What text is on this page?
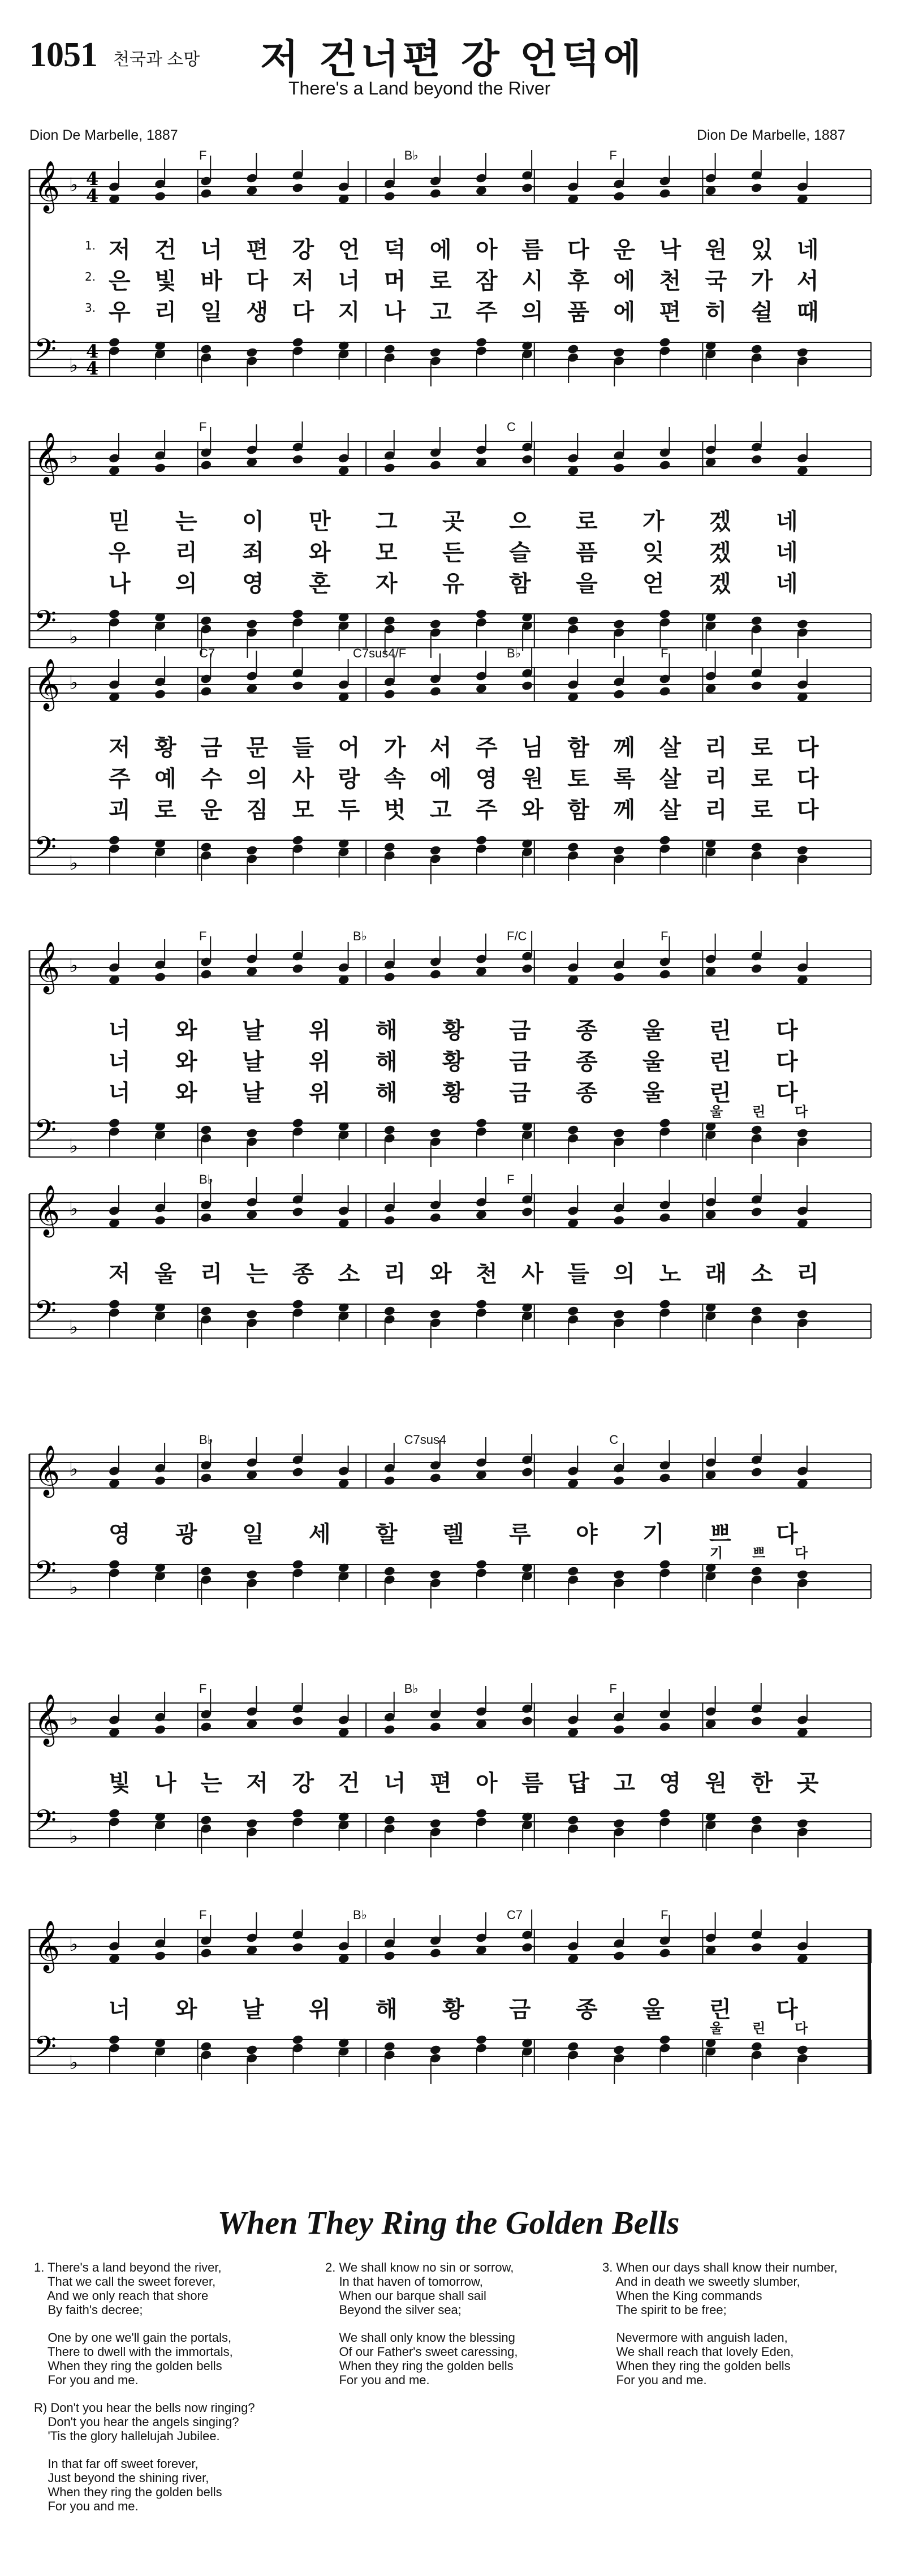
1051 천국과 소망 저 건너편 강 언덕에
There's a Land beyond the River
Dion De Marbelle, 1887	Dion De Marbelle, 1887
𝄞
𝄢
♭
♭
4
4
4
4
F	B♭	F
1. 저 건 너 편 강 언 덕 에 아 름 다 운 낙 원 있 네
2. 은 빛 바 다 저 너 머 로 잠 시 후 에 천 국 가 서
3. 우 리 일 생 다 지 나 고 주 의 품 에 편 히 쉴 때
𝄞
𝄢
♭
♭
F	C
믿 는 이 만 그 곳 으 로 가 겠 네
우 리 죄 와 모 든 슬 픔 잊 겠 네
나 의 영 혼 자 유 함 을 얻 겠 네
𝄞
𝄢
♭
♭
C7	C7sus4/F	B♭	F
저 황 금 문 들 어 가 서 주 님 함 께 살 리 로 다
주 예 수 의 사 랑 속 에 영 원 토 록 살 리 로 다
괴 로 운 짐 모 두 벗 고 주 와 함 께 살 리 로 다
𝄞
𝄢
♭
♭
F	B♭	F/C	F
너 와 날 위 해 황 금 종 울 린 다
너 와 날 위 해 황 금 종 울 린 다
너 와 날 위 해 황 금 종 울 린 다
울 린 다
𝄞
𝄢
♭
♭
B♭	F
저 울 리 는 종 소 리 와 천 사 들 의 노 래 소 리
𝄞
𝄢
♭
♭
B♭	C7sus4	C
영 광 일 세 할 렐 루 야 기 쁘 다
기 쁘 다
𝄞
𝄢
♭
♭
F	B♭	F
빛 나 는 저 강 건 너 편 아 름 답 고 영 원 한 곳
𝄞
𝄢
♭
♭
F	B♭	C7	F
너 와 날 위 해 황 금 종 울 린 다
울 린 다
When They Ring the Golden Bells

1. There's a land beyond the river,
That we call the sweet forever,
And we only reach that shore
By faith's decree;

One by one we'll gain the portals,
There to dwell with the immortals,
When they ring the golden bells
For you and me.

R) Don't you hear the bells now ringing?
Don't you hear the angels singing?
'Tis the glory hallelujah Jubilee.

In that far off sweet forever,
Just beyond the shining river,
When they ring the golden bells
For you and me.

2. We shall know no sin or sorrow,
In that haven of tomorrow,
When our barque shall sail
Beyond the silver sea;

We shall only know the blessing
Of our Father's sweet caressing,
When they ring the golden bells
For you and me.

3. When our days shall know their number,
And in death we sweetly slumber,
When the King commands
The spirit to be free;

Nevermore with anguish laden,
We shall reach that lovely Eden,
When they ring the golden bells
For you and me.
